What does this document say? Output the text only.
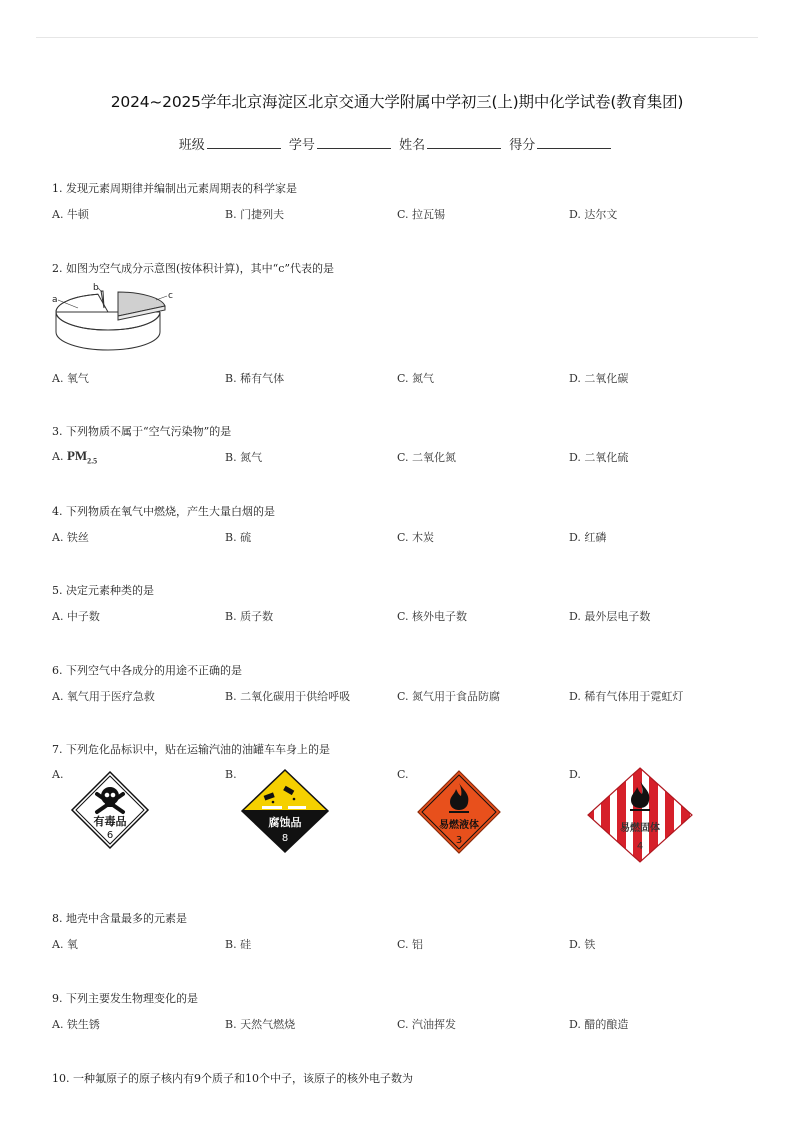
2024~2025学年北京海淀区北京交通大学附属中学初三(上)期中化学试卷(教育集团)
班级	学号	姓名	得分
1. 发现元素周期律并编制出元素周期表的科学家是
A. 牛顿	B. 门捷列夫	C. 拉瓦锡	D. 达尔文
2. 如图为空气成分示意图(按体积计算)，其中“c”代表的是
a
b
c
A. 氧气	B. 稀有气体	C. 氮气	D. 二氧化碳
3. 下列物质不属于“空气污染物”的是
A. $PM_{2.5}$	B. 氮气	C. 二氧化氮	D. 二氧化硫
4. 下列物质在氧气中燃烧，产生大量白烟的是
A. 铁丝	B. 硫	C. 木炭	D. 红磷
5. 决定元素种类的是
A. 中子数	B. 质子数	C. 核外电子数	D. 最外层电子数
6. 下列空气中各成分的用途不正确的是
A. 氧气用于医疗急救	B. 二氧化碳用于供给呼吸	C. 氮气用于食品防腐	D. 稀有气体用于霓虹灯
7. 下列危化品标识中，贴在运输汽油的油罐车车身上的是
A.	B.	C.	D.
有毒品
6
腐蚀品
8
易燃液体
3
易燃固体
4
8. 地壳中含量最多的元素是
A. 氧	B. 硅	C. 铝	D. 铁
9. 下列主要发生物理变化的是
A. 铁生锈	B. 天然气燃烧	C. 汽油挥发	D. 醋的酿造
10. 一种氟原子的原子核内有9个质子和10个中子，该原子的核外电子数为
